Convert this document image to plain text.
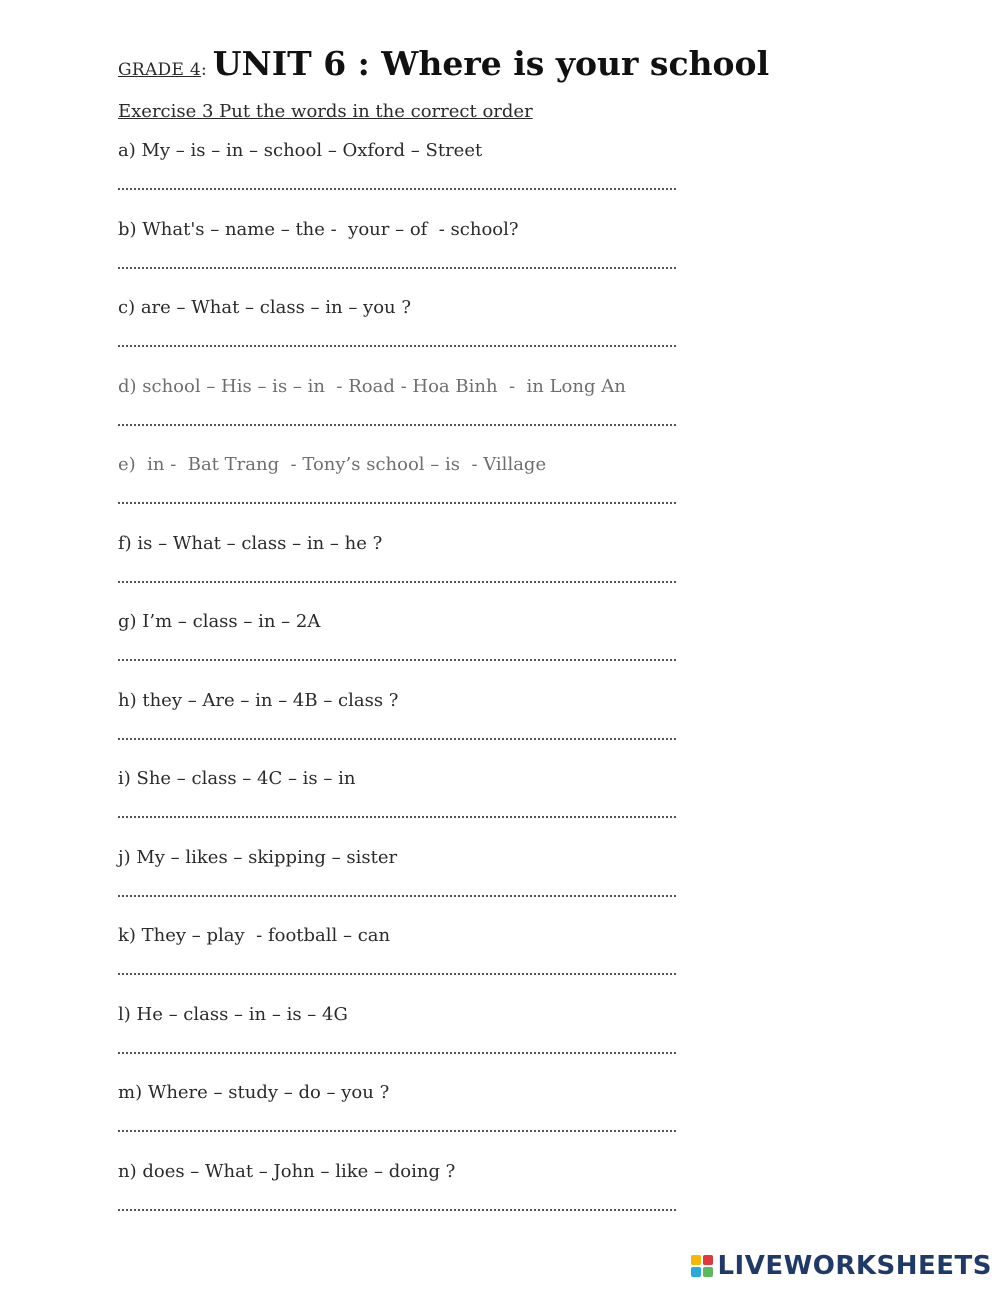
GRADE 4: UNIT 6 : Where is your school
Exercise 3 Put the words in the correct order
a) My – is – in – school – Oxford – Street
b) What's – name – the -  your – of  - school?
c) are – What – class – in – you ?
d) school – His – is – in  - Road - Hoa Binh  -  in Long An
e)  in -  Bat Trang  - Tony’s school – is  - Village
f) is – What – class – in – he ?
g) I’m – class – in – 2A
h) they – Are – in – 4B – class ?
i) She – class – 4C – is – in
j) My – likes – skipping – sister
k) They – play  - football – can
l) He – class – in – is – 4G
m) Where – study – do – you ?
n) does – What – John – like – doing ?
LIVEWORKSHEETS
